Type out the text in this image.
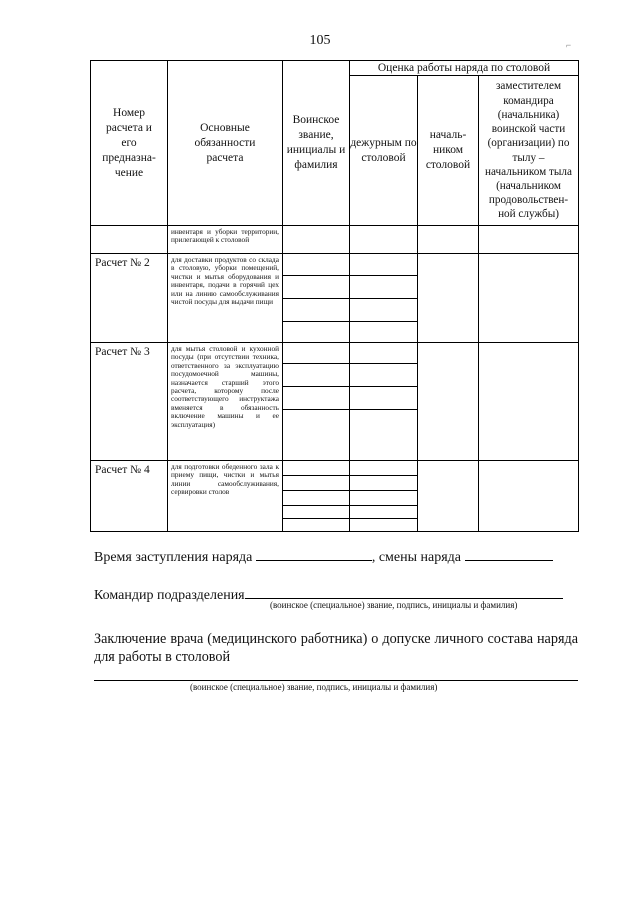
105	⌐
Номер расчета и его предназна-чение	Основные обязанности расчета	Воинское звание, инициалы и фамилия	Оценка работы наряда по столовой
дежурным по столовой	началь-ником столовой	заместителем командира (начальника) воинской части (организации) по тылу – начальником тыла (начальником продовольствен-ной службы)
	инвентаря и уборки территории, прилегающей к столовой				
Расчет № 2	для доставки продуктов со склада в столовую, уборки помещений, чистки и мытья оборудования и инвентаря, подачи в горячий цех или на линию самообслуживания чистой посуды для выдачи пищи	

Расчет № 3	для мытья столовой и кухонной посуды (при отсутствии техника, ответственного за эксплуатацию посудомоечной машины, назначается старший этого расчета, которому после соответствующего инструктажа вменяется в обязанность включение машины и ее эксплуатация)	

Расчет № 4	для подготовки обеденного зала к приему пищи, чистки и мытья линии самообслуживания, сервировки столов	

Время заступления наряда	, смены наряда
Командир подразделения
(воинское (специальное) звание, подпись, инициалы и фамилия)
Заключение врача (медицинского работника) о допуске личного состава наряда для работы в столовой
(воинское (специальное) звание, подпись, инициалы и фамилия)
